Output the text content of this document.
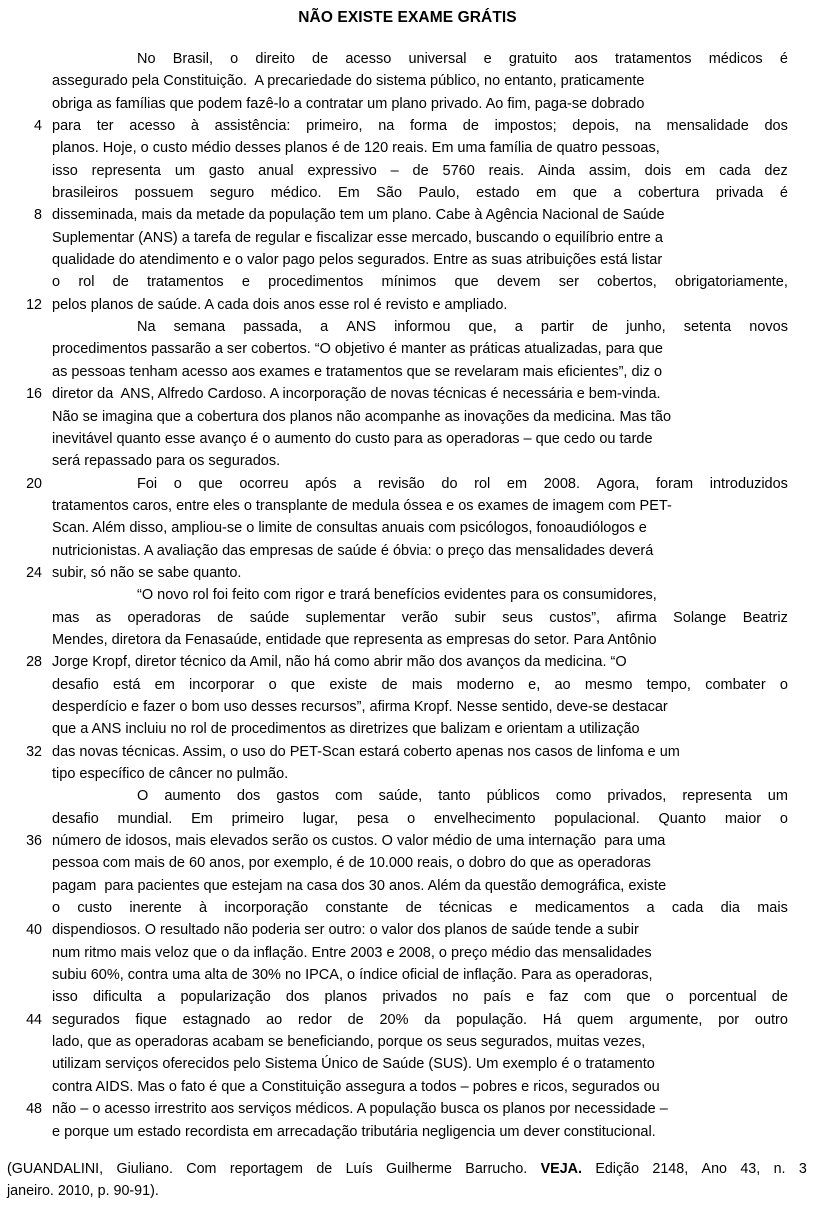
NÃO EXISTE EXAME GRÁTIS
No Brasil, o direito de acesso universal e gratuito aos tratamentos médicos é
assegurado pela Constituição.  A precariedade do sistema público, no entanto, praticamente
obriga as famílias que podem fazê-lo a contratar um plano privado. Ao fim, paga-se dobrado
4 para ter acesso à assistência: primeiro, na forma de impostos; depois, na mensalidade dos
planos. Hoje, o custo médio desses planos é de 120 reais. Em uma família de quatro pessoas,
isso representa um gasto anual expressivo – de 5760 reais. Ainda assim, dois em cada dez
brasileiros possuem seguro médico. Em São Paulo, estado em que a cobertura privada é
8 disseminada, mais da metade da população tem um plano. Cabe à Agência Nacional de Saúde
Suplementar (ANS) a tarefa de regular e fiscalizar esse mercado, buscando o equilíbrio entre a
qualidade do atendimento e o valor pago pelos segurados. Entre as suas atribuições está listar
o rol de tratamentos e procedimentos mínimos que devem ser cobertos, obrigatoriamente,
12 pelos planos de saúde. A cada dois anos esse rol é revisto e ampliado.
Na semana passada, a ANS informou que, a partir de junho, setenta novos
procedimentos passarão a ser cobertos. “O objetivo é manter as práticas atualizadas, para que
as pessoas tenham acesso aos exames e tratamentos que se revelaram mais eficientes”, diz o
16 diretor da  ANS, Alfredo Cardoso. A incorporação de novas técnicas é necessária e bem-vinda.
Não se imagina que a cobertura dos planos não acompanhe as inovações da medicina. Mas tão
inevitável quanto esse avanço é o aumento do custo para as operadoras – que cedo ou tarde
será repassado para os segurados.
20	Foi o que ocorreu após a revisão do rol em 2008. Agora, foram introduzidos
tratamentos caros, entre eles o transplante de medula óssea e os exames de imagem com PET-
Scan. Além disso, ampliou-se o limite de consultas anuais com psicólogos, fonoaudiólogos e
nutricionistas. A avaliação das empresas de saúde é óbvia: o preço das mensalidades deverá
24 subir, só não se sabe quanto.
“O novo rol foi feito com rigor e trará benefícios evidentes para os consumidores,
mas as operadoras de saúde suplementar verão subir seus custos”, afirma Solange Beatriz
Mendes, diretora da Fenasaúde, entidade que representa as empresas do setor. Para Antônio
28 Jorge Kropf, diretor técnico da Amil, não há como abrir mão dos avanços da medicina. “O
desafio está em incorporar o que existe de mais moderno e, ao mesmo tempo, combater o
desperdício e fazer o bom uso desses recursos”, afirma Kropf. Nesse sentido, deve-se destacar
que a ANS incluiu no rol de procedimentos as diretrizes que balizam e orientam a utilização
32 das novas técnicas. Assim, o uso do PET-Scan estará coberto apenas nos casos de linfoma e um
tipo específico de câncer no pulmão.
O aumento dos gastos com saúde, tanto públicos como privados, representa um
desafio mundial. Em primeiro lugar, pesa o envelhecimento populacional. Quanto maior o
36 número de idosos, mais elevados serão os custos. O valor médio de uma internação  para uma
pessoa com mais de 60 anos, por exemplo, é de 10.000 reais, o dobro do que as operadoras
pagam  para pacientes que estejam na casa dos 30 anos. Além da questão demográfica, existe
o custo inerente à incorporação constante de técnicas e medicamentos a cada dia mais
40 dispendiosos. O resultado não poderia ser outro: o valor dos planos de saúde tende a subir
num ritmo mais veloz que o da inflação. Entre 2003 e 2008, o preço médio das mensalidades
subiu 60%, contra uma alta de 30% no IPCA, o índice oficial de inflação. Para as operadoras,
isso dificulta a popularização dos planos privados no país e faz com que o porcentual de
44 segurados fique estagnado ao redor de 20% da população. Há quem argumente, por outro
lado, que as operadoras acabam se beneficiando, porque os seus segurados, muitas vezes,
utilizam serviços oferecidos pelo Sistema Único de Saúde (SUS). Um exemplo é o tratamento
contra AIDS. Mas o fato é que a Constituição assegura a todos – pobres e ricos, segurados ou
48 não – o acesso irrestrito aos serviços médicos. A população busca os planos por necessidade –
e porque um estado recordista em arrecadação tributária negligencia um dever constitucional.
(GUANDALINI, Giuliano. Com reportagem de Luís Guilherme Barrucho. VEJA. Edição 2148, Ano 43, n. 3
janeiro. 2010, p. 90-91).
